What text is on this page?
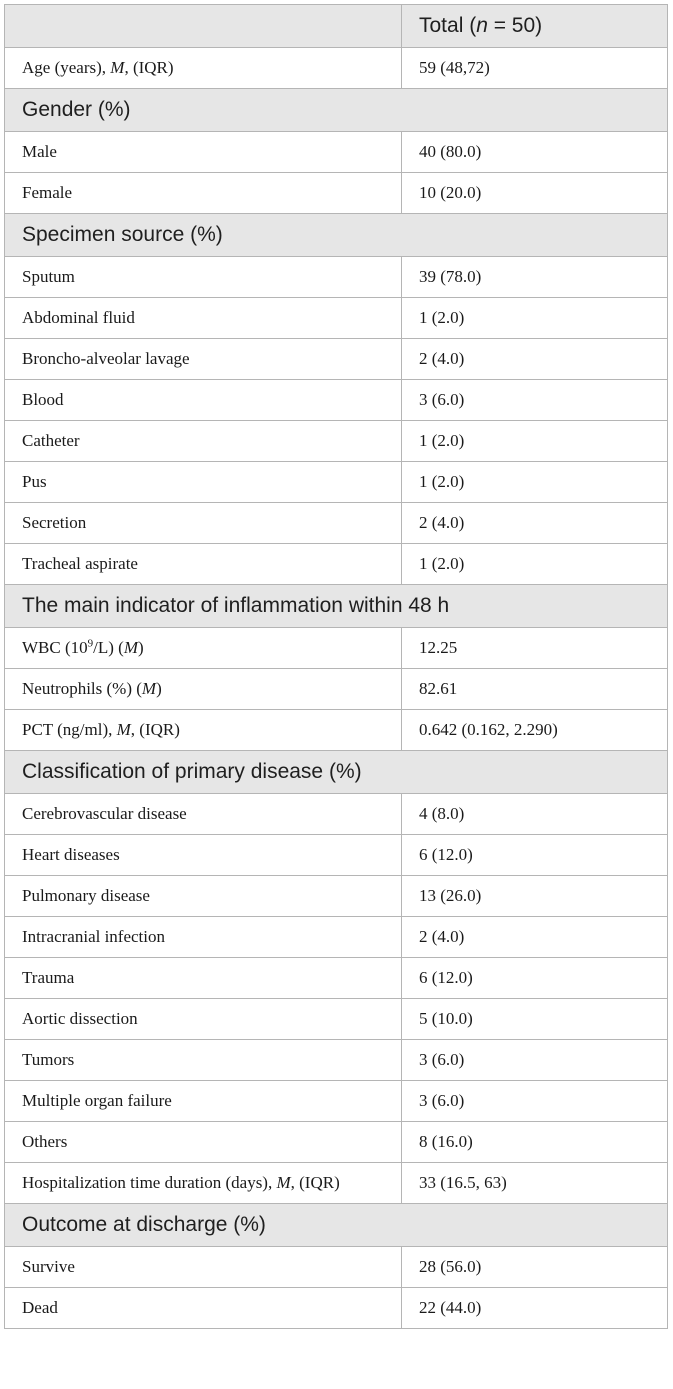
	Total (n = 50)
Age (years), M, (IQR)	59 (48,72)
Gender (%)	
Male	40 (80.0)
Female	10 (20.0)
Specimen source (%)	
Sputum	39 (78.0)
Abdominal fluid	1 (2.0)
Broncho-alveolar lavage	2 (4.0)
Blood	3 (6.0)
Catheter	1 (2.0)
Pus	1 (2.0)
Secretion	2 (4.0)
Tracheal aspirate	1 (2.0)
The main indicator of inflammation within 48 h	
WBC $(10^9/L)$ (M)	12.25
Neutrophils (%) (M)	82.61
PCT (ng/ml), M, (IQR)	0.642 (0.162, 2.290)
Classification of primary disease (%)	
Cerebrovascular disease	4 (8.0)
Heart diseases	6 (12.0)
Pulmonary disease	13 (26.0)
Intracranial infection	2 (4.0)
Trauma	6 (12.0)
Aortic dissection	5 (10.0)
Tumors	3 (6.0)
Multiple organ failure	3 (6.0)
Others	8 (16.0)
Hospitalization time duration (days), M, (IQR)	33 (16.5, 63)
Outcome at discharge (%)	
Survive	28 (56.0)
Dead	22 (44.0)
